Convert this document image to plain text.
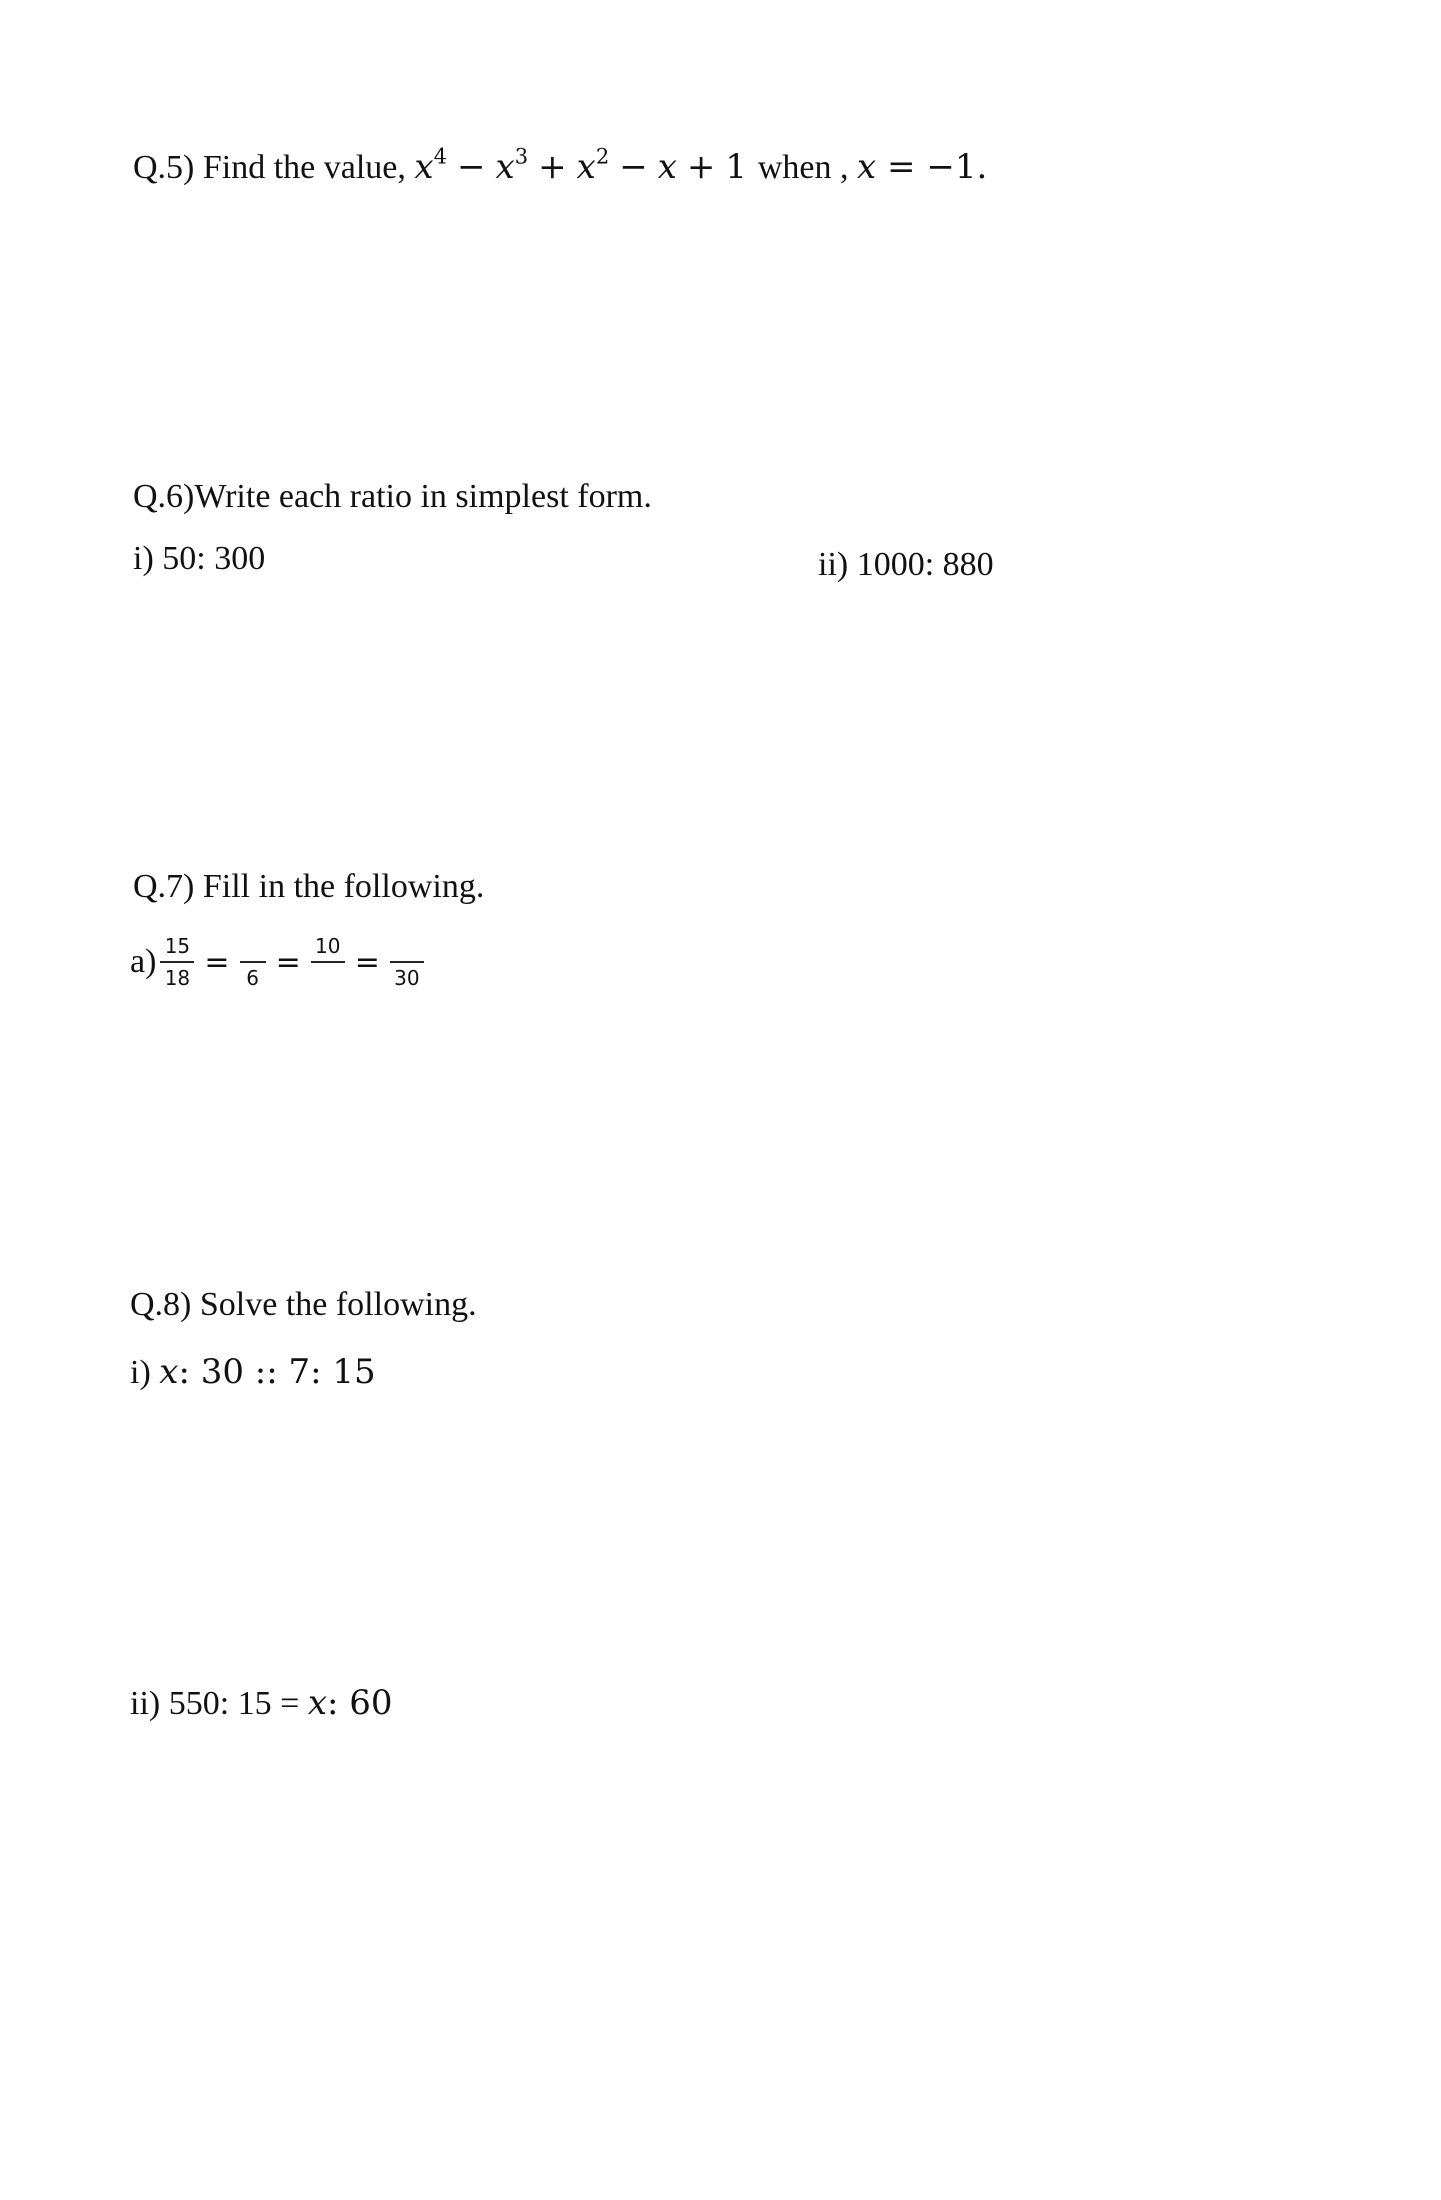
Q.5) Find the value, $x^4 - x^3 + x^2 - x + 1$ when , x = −1.
Q.6)Write each ratio in simplest form.
i) 50: 300	ii) 1000: 880
Q.7) Fill in the following.
$a) \frac{15}{18} = 6 = 10 = 30$
Q.8) Solve the following.
i) x: 30 :: 7: 15
ii) 550: 15 = x: 60
